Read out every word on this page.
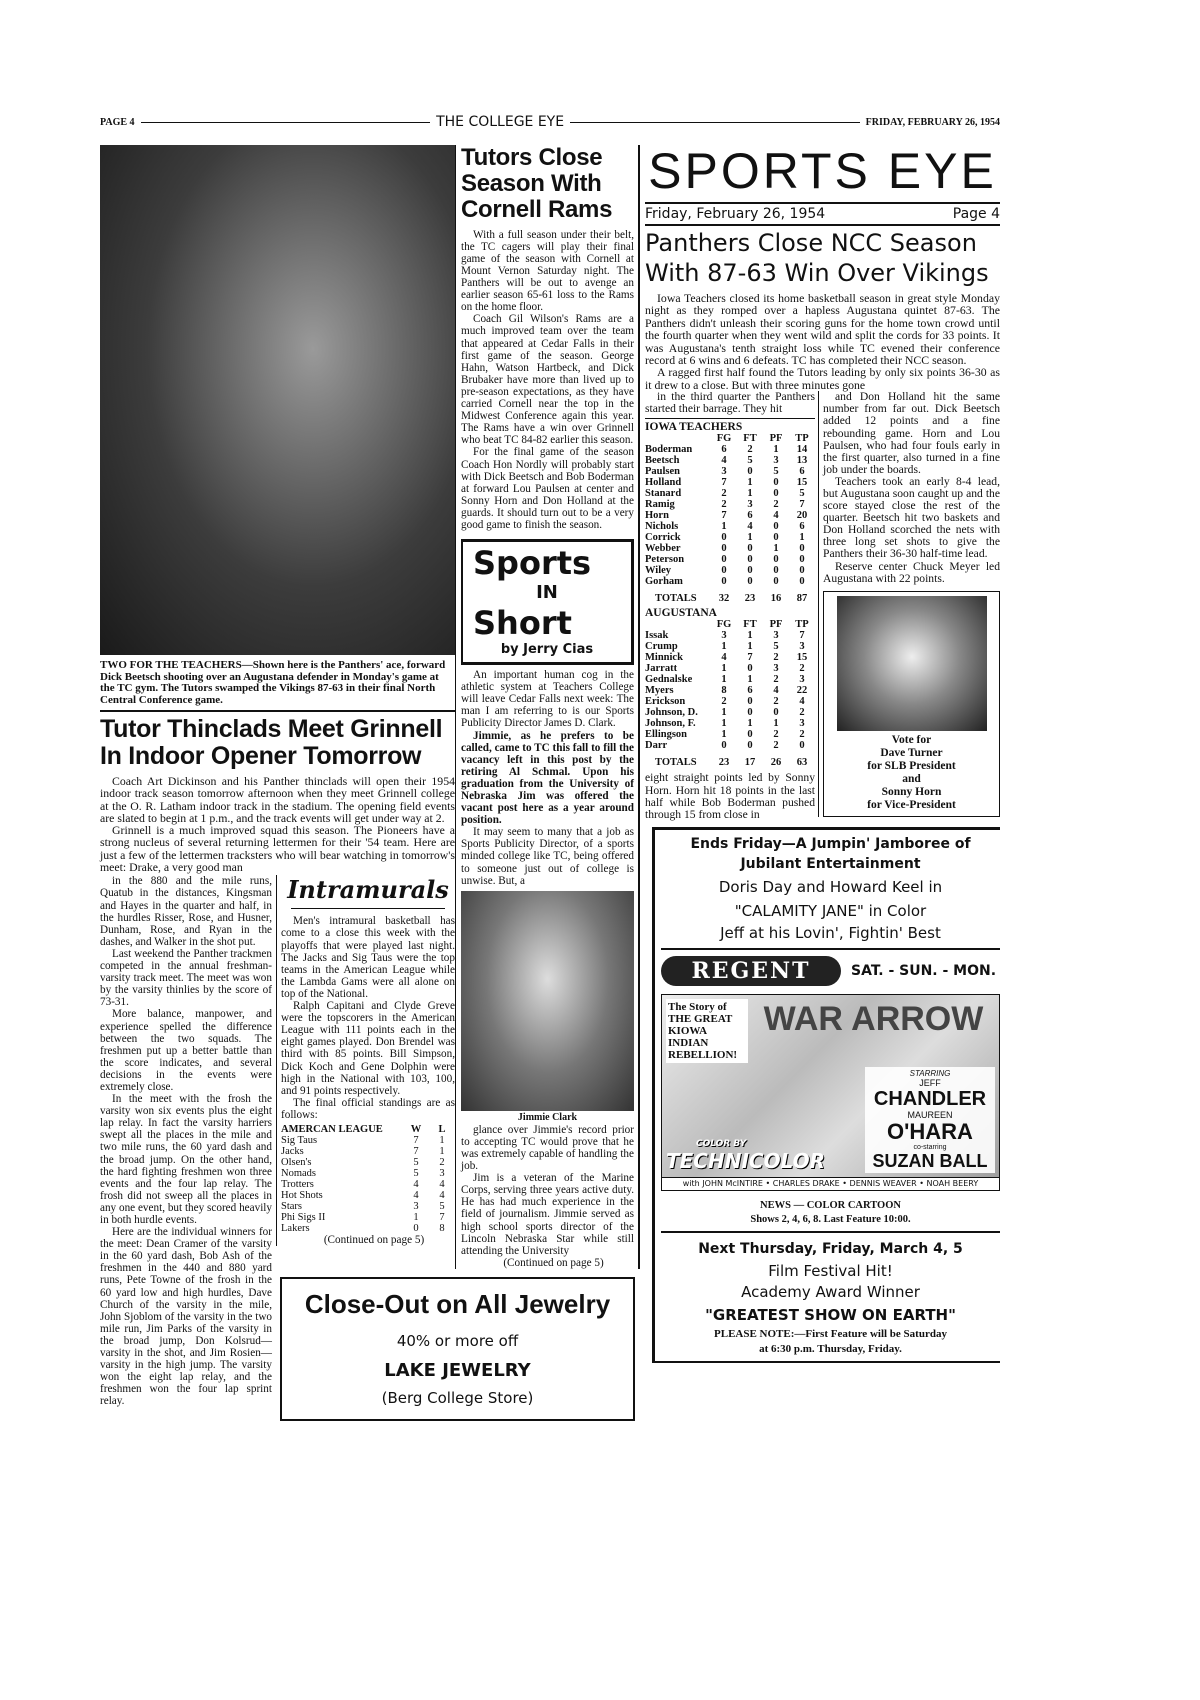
PAGE 4	THE COLLEGE EYE	FRIDAY, FEBRUARY 26, 1954
TWO FOR THE TEACHERS—Shown here is the Panthers' ace, forward Dick Beetsch shooting over an Augustana defender in Monday's game at the TC gym. The Tutors swamped the Vikings 87-63 in their final North Central Conference game.
Tutor Thinclads Meet Grinnell In Indoor Opener Tomorrow

Coach Art Dickinson and his Panther thinclads will open their 1954 indoor track season tomorrow afternoon when they meet Grinnell college at the O. R. Latham indoor track in the stadium. The opening field events are slated to begin at 1 p.m., and the track events will get under way at 2.

Grinnell is a much improved squad this season. The Pioneers have a strong nucleus of several returning lettermen for their '54 team. Here are just a few of the lettermen tracksters who will bear watching in tomorrow's meet: Drake, a very good man

in the 880 and the mile runs, Quatub in the distances, Kingsman and Hayes in the quarter and half, in the hurdles Risser, Rose, and Husner, Dunham, Rose, and Ryan in the dashes, and Walker in the shot put.

Last weekend the Panther trackmen competed in the annual freshman-varsity track meet. The meet was won by the varsity thinlies by the score of 73-31.

More balance, manpower, and experience spelled the difference between the two squads. The freshmen put up a better battle than the score indicates, and several decisions in the events were extremely close.

In the meet with the frosh the varsity won six events plus the eight lap relay. In fact the varsity harriers swept all the places in the mile and two mile runs, the 60 yard dash and the broad jump. On the other hand, the hard fighting freshmen won three events and the four lap relay. The frosh did not sweep all the places in any one event, but they scored heavily in both hurdle events.

Here are the individual winners for the meet: Dean Cramer of the varsity in the 60 yard dash, Bob Ash of the freshmen in the 440 and 880 yard runs, Pete Towne of the frosh in the 60 yard low and high hurdles, Dave Church of the varsity in the mile, John Sjoblom of the varsity in the two mile run, Jim Parks of the varsity in the broad jump, Don Kolsrud—varsity in the shot, and Jim Rosien—varsity in the high jump. The varsity won the eight lap relay, and the freshmen won the four lap sprint relay.

Intramurals

Men's intramural basketball has come to a close this week with the playoffs that were played last night. The Jacks and Sig Taus were the top teams in the American League while the Lambda Gams were all alone on top of the National.

Ralph Capitani and Clyde Greve were the topscorers in the American League with 111 points each in the eight games played. Don Brendel was third with 85 points. Bill Simpson, Dick Koch and Gene Dolphin were high in the National with 103, 100, and 91 points respectively.

The final official standings are as follows:

AMERCAN LEAGUE	W	L
Sig Taus	7	1
Jacks	7	1
Olsen's	5	2
Nomads	5	3
Trotters	4	4
Hot Shots	4	4
Stars	3	5
Phi Sigs II	1	7
Lakers	0	8

(Continued on page 5)

Tutors Close Season With Cornell Rams

With a full season under their belt, the TC cagers will play their final game of the season with Cornell at Mount Vernon Saturday night. The Panthers will be out to avenge an earlier season 65-61 loss to the Rams on the home floor.

Coach Gil Wilson's Rams are a much improved team over the team that appeared at Cedar Falls in their first game of the season. George Hahn, Watson Hartbeck, and Dick Brubaker have more than lived up to pre-season expectations, as they have carried Cornell near the top in the Midwest Conference again this year. The Rams have a win over Grinnell who beat TC 84-82 earlier this season.

For the final game of the season Coach Hon Nordly will probably start with Dick Beetsch and Bob Boderman at forward Lou Paulsen at center and Sonny Horn and Don Holland at the guards. It should turn out to be a very good game to finish the season.

Sports
IN
Short
by Jerry Cias

An important human cog in the athletic system at Teachers College will leave Cedar Falls next week: The man I am referring to is our Sports Publicity Director James D. Clark.

Jimmie, as he prefers to be called, came to TC this fall to fill the vacancy left in this post by the retiring Al Schmal. Upon his graduation from the University of Nebraska Jim was offered the vacant post here as a year around position.

It may seem to many that a job as Sports Publicity Director, of a sports minded college like TC, being offered to someone just out of college is unwise. But, a

Jimmie Clark

glance over Jimmie's record prior to accepting TC would prove that he was extremely capable of handling the job.

Jim is a veteran of the Marine Corps, serving three years active duty. He has had much experience in the field of journalism. Jimmie served as high school sports director of the Lincoln Nebraska Star while still attending the University

(Continued on page 5)

Close-Out on All Jewelry
40% or more off
LAKE JEWELRY
(Berg College Store)
SPORTS EYE
Friday, February 26, 1954	Page 4
Panthers Close NCC Season With 87-63 Win Over Vikings

Iowa Teachers closed its home basketball season in great style Monday night as they romped over a hapless Augustana quintet 87-63. The Panthers didn't unleash their scoring guns for the home town crowd until the fourth quarter when they went wild and split the cords for 33 points. It was Augustana's tenth straight loss while TC evened their conference record at 6 wins and 6 defeats. TC has completed their NCC season.

A ragged first half found the Tutors leading by only six points 36-30 as it drew to a close. But with three minutes gone

in the third quarter the Panthers started their barrage. They hit

IOWA TEACHERS				
	FG	FT	PF	TP
Boderman	6	2	1	14
Beetsch	4	5	3	13
Paulsen	3	0	5	6
Holland	7	1	0	15
Stanard	2	1	0	5
Ramig	2	3	2	7
Horn	7	6	4	20
Nichols	1	4	0	6
Corrick	0	1	0	1
Webber	0	0	1	0
Peterson	0	0	0	0
Wiley	0	0	0	0
Gorham	0	0	0	0
TOTALS	32	23	16	87
AUGUSTANA				
	FG	FT	PF	TP
Issak	3	1	3	7
Crump	1	1	5	3
Minnick	4	7	2	15
Jarratt	1	0	3	2
Gednalske	1	1	2	3
Myers	8	6	4	22
Erickson	2	0	2	4
Johnson, D.	1	0	0	2
Johnson, F.	1	1	1	3
Ellingson	1	0	2	2
Darr	0	0	2	0
TOTALS	23	17	26	63
eight straight points led by Sonny Horn. Horn hit 18 points in the last half while Bob Boderman pushed through 15 from close in

and Don Holland hit the same number from far out. Dick Beetsch added 12 points and a fine rebounding game. Horn and Lou Paulsen, who had four fouls early in the first quarter, also turned in a fine job under the boards.

Teachers took an early 8-4 lead, but Augustana soon caught up and the score stayed close the rest of the quarter. Beetsch hit two baskets and Don Holland scorched the nets with three long set shots to give the Panthers their 36-30 half-time lead.

Reserve center Chuck Meyer led Augustana with 22 points.

Vote for
Dave Turner
for SLB President
and
Sonny Horn
for Vice-President
Ends Friday—A Jumpin' Jamboree of
Jubilant Entertainment
Doris Day and Howard Keel in
"CALAMITY JANE" in Color
Jeff at his Lovin', Fightin' Best
REGENT	SAT. - SUN. - MON.
The Story of THE GREAT KIOWA INDIAN REBELLION!
WAR ARROW
COLOR BY
TECHNICOLOR
STARRING
JEFF
CHANDLER
MAUREEN
O'HARA
co-starring
SUZAN BALL
with JOHN McINTIRE • CHARLES DRAKE • DENNIS WEAVER • NOAH BEERY
NEWS — COLOR CARTOON
Shows 2, 4, 6, 8. Last Feature 10:00.
Next Thursday, Friday, March 4, 5
Film Festival Hit!
Academy Award Winner
"GREATEST SHOW ON EARTH"
PLEASE NOTE:—First Feature will be Saturday
at 6:30 p.m. Thursday, Friday.
